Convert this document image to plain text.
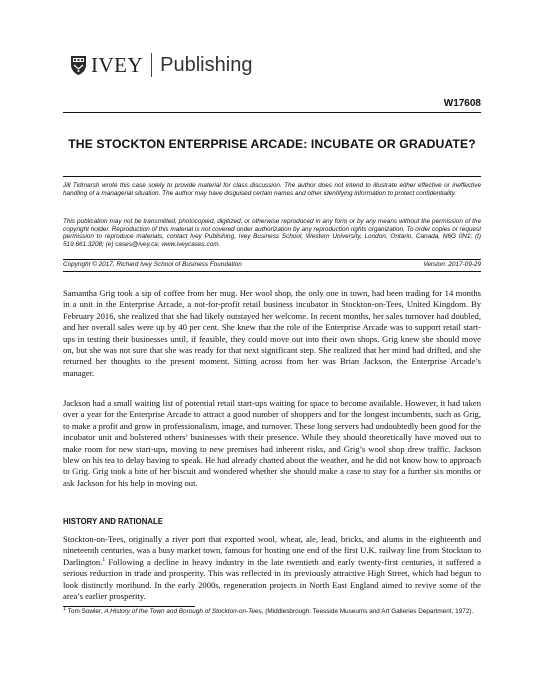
IVEY Publishing
W17608
THE STOCKTON ENTERPRISE ARCADE: INCUBATE OR GRADUATE?
Jill Tidmarsh wrote this case solely to provide material for class discussion. The author does not intend to illustrate either effective or ineffective handling of a managerial situation. The author may have disguised certain names and other identifying information to protect confidentiality.
This publication may not be transmitted, photocopied, digitized, or otherwise reproduced in any form or by any means without the permission of the copyright holder. Reproduction of this material is not covered under authorization by any reproduction rights organization. To order copies or request permission to reproduce materials, contact Ivey Publishing, Ivey Business School, Western University, London, Ontario, Canada, N6G 0N1; (t) 519.661.3208; (e) cases@ivey.ca; www.iveycases.com.
Copyright © 2017, Richard Ivey School of Business Foundation	Version: 2017-09-29
Samantha Grig took a sip of coffee from her mug. Her wool shop, the only one in town, had been trading for 14 months in a unit in the Enterprise Arcade, a not-for-profit retail business incubator in Stockton-on-Tees, United Kingdom. By February 2016, she realized that she had likely outstayed her welcome. In recent months, her sales turnover had doubled, and her overall sales were up by 40 per cent. She knew that the role of the Enterprise Arcade was to support retail start-ups in testing their businesses until, if feasible, they could move out into their own shops. Grig knew she should move on, but she was not sure that she was ready for that next significant step. She realized that her mind had drifted, and she returned her thoughts to the present moment. Sitting across from her was Brian Jackson, the Enterprise Arcade’s manager.
Jackson had a small waiting list of potential retail start-ups waiting for space to become available. However, it had taken over a year for the Enterprise Arcade to attract a good number of shoppers and for the longest incumbents, such as Grig, to make a profit and grow in professionalism, image, and turnover. These long servers had undoubtedly been good for the incubator unit and bolstered others’ businesses with their presence. While they should theoretically have moved out to make room for new start-ups, moving to new premises had inherent risks, and Grig’s wool shop drew traffic. Jackson blew on his tea to delay having to speak. He had already chatted about the weather, and he did not know how to approach to Grig. Grig took a bite of her biscuit and wondered whether she should make a case to stay for a further six months or ask Jackson for his help in moving out.
HISTORY AND RATIONALE
Stockton-on-Tees, originally a river port that exported wool, wheat, ale, lead, bricks, and alums in the eighteenth and nineteenth centuries, was a busy market town, famous for hosting one end of the first U.K. railway line from Stockton to Darlington.$^1$ Following a decline in heavy industry in the late twentieth and early twenty-first centuries, it suffered a serious reduction in trade and prosperity. This was reflected in its previously attractive High Street, which had begun to look distinctly moribund. In the early 2000s, regeneration projects in North East England aimed to revive some of the area’s earlier prosperity.
1 Tom Sowler, A History of the Town and Borough of Stockton-on-Tees, (Middlesbrough: Teesside Museums and Art Galleries Department, 1972).
